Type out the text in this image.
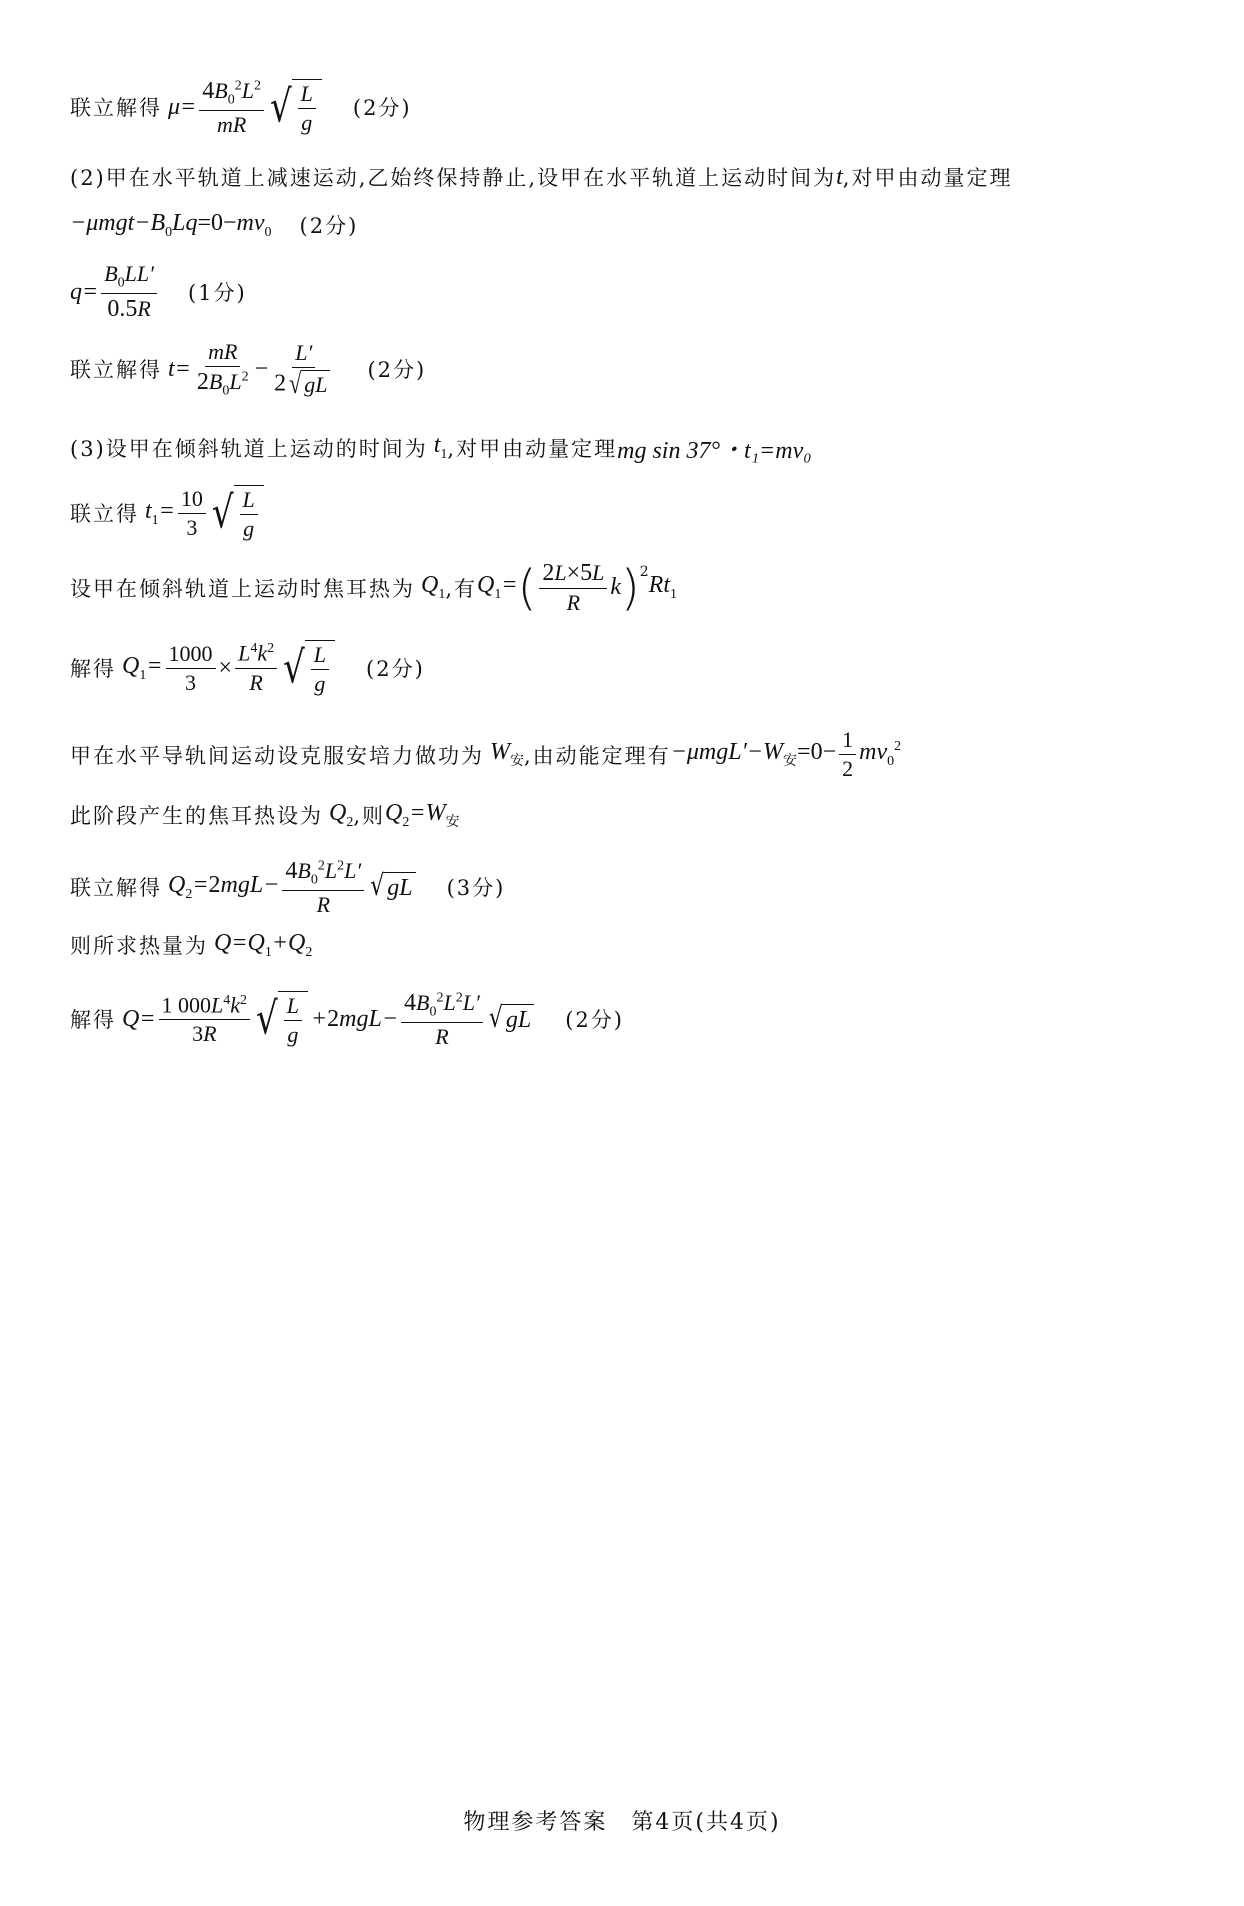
联立解得 $\mu= \frac{4B_0^2L^2}{mR}$ √ $\frac{L}{g} (2$分)
(2)甲在水平轨道上减速运动,乙始终保持静止,设甲在水平轨道上运动时间为 t ,对甲由动量定理
$-\mu mgt-B_0Lq=0-mv_0$ (2分)
$q= \frac{B_0LL'}{0.5R} (1$分)
联立解得 $t= \frac{mR}{2B_0L^2} - \frac{L'}{2 √ gL} (2$分)
(3)设甲在倾斜轨道上运动的时间为 $t_1$ ,对甲由动量定理 mg sin 37°・t₁=mv₀
联立得 $t_1= \frac{10}{3}$ √ $\frac{L}{g}$
设甲在倾斜轨道上运动时焦耳热为 $Q_1$ ,有 $Q_1=$ ( $\frac{2L\times 5L}{R}$ k )$^2$
$Rt_1$
解得 $Q_1= \frac{1000}{3} \times \frac{L^4k^2}{R}$ √ $\frac{L}{g} (2$分)
甲在水平导轨间运动设克服安培力做功为 $W_安$ ,由动能定理有 $-\mu mgL'-W_安=0- \frac{1}{2} mv_0^2$
此阶段产生的焦耳热设为 $Q_2$ ,则 $Q_2=W_安$
联立解得 $Q_2=2mgL- \frac{4B_0^2L^2L'}{R}$ √ gL (3分)
则所求热量为 $Q=Q_1+Q_2$
解得 $Q= \frac{1 000L^4k^2}{3R}$ √ $\frac{L}{g} +2mgL- \frac{4B_0^2L^2L'}{R}$ √ gL (2分)
物理参考答案　第4页(共4页)
